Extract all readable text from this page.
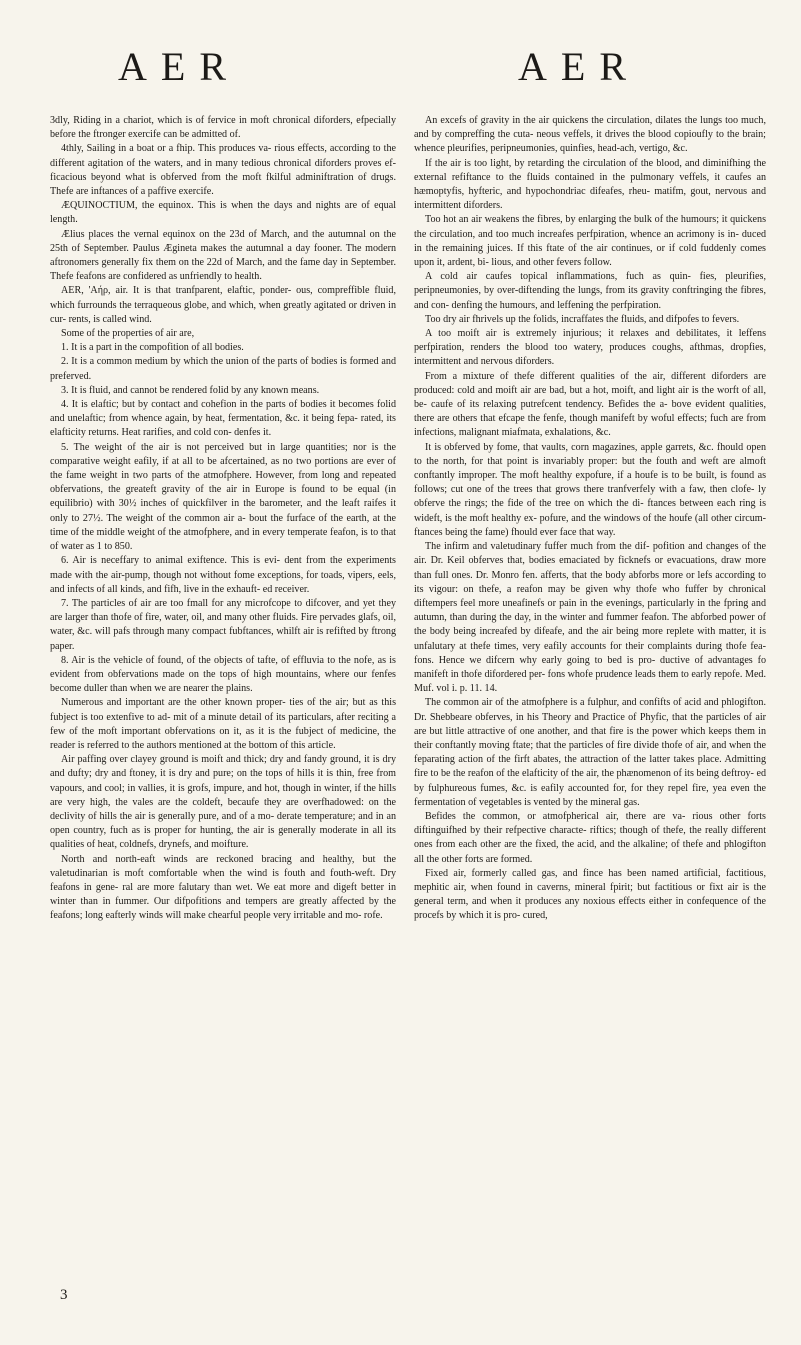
AER	AER

3dly, Riding in a chariot, which is of fervice in moft chronical diforders, efpecially before the ftronger exercife can be admitted of.

4thly, Sailing in a boat or a fhip. This produces va- rious effects, according to the different agitation of the waters, and in many tedious chronical diforders proves ef- ficacious beyond what is obferved from the moft fkilful adminiftration of drugs. Thefe are inftances of a paffive exercife.

ÆQUINOCTIUM, the equinox. This is when the days and nights are of equal length.

Ælius places the vernal equinox on the 23d of March, and the autumnal on the 25th of September. Paulus Ægineta makes the autumnal a day fooner. The modern aftronomers generally fix them on the 22d of March, and the fame day in September. Thefe feafons are confidered as unfriendly to health.

AER, 'Αήρ, air. It is that tranfparent, elaftic, ponder- ous, compreffible fluid, which furrounds the terraqueous globe, and which, when greatly agitated or driven in cur- rents, is called wind.

Some of the properties of air are,

1. It is a part in the compofition of all bodies.

2. It is a common medium by which the union of the parts of bodies is formed and preferved.

3. It is fluid, and cannot be rendered folid by any known means.

4. It is elaftic; but by contact and cohefion in the parts of bodies it becomes folid and unelaftic; from whence again, by heat, fermentation, &c. it being fepa- rated, its elafticity returns. Heat rarifies, and cold con- denfes it.

5. The weight of the air is not perceived but in large quantities; nor is the comparative weight eafily, if at all to be afcertained, as no two portions are ever of the fame weight in two parts of the atmofphere. However, from long and repeated obfervations, the greateft gravity of the air in Europe is found to be equal (in equilibrio) with 30½ inches of quickfilver in the barometer, and the leaft raifes it only to 27½. The weight of the common air a- bout the furface of the earth, at the time of the middle weight of the atmofphere, and in every temperate feafon, is to that of water as 1 to 850.

6. Air is neceffary to animal exiftence. This is evi- dent from the experiments made with the air-pump, though not without fome exceptions, for toads, vipers, eels, and infects of all kinds, and fifh, live in the exhauft- ed receiver.

7. The particles of air are too fmall for any microfcope to difcover, and yet they are larger than thofe of fire, water, oil, and many other fluids. Fire pervades glafs, oil, water, &c. will pafs through many compact fubftances, whilft air is refifted by ftrong paper.

8. Air is the vehicle of found, of the objects of tafte, of effluvia to the nofe, as is evident from obfervations made on the tops of high mountains, where our fenfes become duller than when we are nearer the plains.

Numerous and important are the other known proper- ties of the air; but as this fubject is too extenfive to ad- mit of a minute detail of its particulars, after reciting a few of the moft important obfervations on it, as it is the fubject of medicine, the reader is referred to the authors mentioned at the bottom of this article.

Air paffing over clayey ground is moift and thick; dry and fandy ground, it is dry and dufty; dry and ftoney, it is dry and pure; on the tops of hills it is thin, free from vapours, and cool; in vallies, it is grofs, impure, and hot, though in winter, if the hills are very high, the vales are the coldeft, becaufe they are overfhadowed: on the declivity of hills the air is generally pure, and of a mo- derate temperature; and in an open country, fuch as is proper for hunting, the air is generally moderate in all its qualities of heat, coldnefs, drynefs, and moifture.

North and north-eaft winds are reckoned bracing and healthy, but the valetudinarian is moft comfortable when the wind is fouth and fouth-weft. Dry feafons in gene- ral are more falutary than wet. We eat more and digeft better in winter than in fummer. Our difpofitions and tempers are greatly affected by the feafons; long eafterly winds will make chearful people very irritable and mo- rofe.

An excefs of gravity in the air quickens the circulation, dilates the lungs too much, and by compreffing the cuta- neous veffels, it drives the blood copioufly to the brain; whence pleurifies, peripneumonies, quinfies, head-ach, vertigo, &c.

If the air is too light, by retarding the circulation of the blood, and diminifhing the external refiftance to the fluids contained in the pulmonary veffels, it caufes an hæmoptyfis, hyfteric, and hypochondriac difeafes, rheu- matifm, gout, nervous and intermittent diforders.

Too hot an air weakens the fibres, by enlarging the bulk of the humours; it quickens the circulation, and too much increafes perfpiration, whence an acrimony is in- duced in the remaining juices. If this ftate of the air continues, or if cold fuddenly comes upon it, ardent, bi- lious, and other fevers follow.

A cold air caufes topical inflammations, fuch as quin- fies, pleurifies, peripneumonies, by over-diftending the lungs, from its gravity conftringing the fibres, and con- denfing the humours, and leffening the perfpiration.

Too dry air fhrivels up the folids, incraffates the fluids, and difpofes to fevers.

A too moift air is extremely injurious; it relaxes and debilitates, it leffens perfpiration, renders the blood too watery, produces coughs, afthmas, dropfies, intermittent and nervous diforders.

From a mixture of thefe different qualities of the air, different diforders are produced: cold and moift air are bad, but a hot, moift, and light air is the worft of all, be- caufe of its relaxing putrefcent tendency. Befides the a- bove evident qualities, there are others that efcape the fenfe, though manifeft by woful effects; fuch are from infections, malignant miafmata, exhalations, &c.

It is obferved by fome, that vaults, corn magazines, apple garrets, &c. fhould open to the north, for that point is invariably proper: but the fouth and weft are almoft conftantly improper. The moft healthy expofure, if a houfe is to be built, is found as follows; cut one of the trees that grows there tranfverfely with a faw, then clofe- ly obferve the rings; the fide of the tree on which the di- ftances between each ring is wideft, is the moft healthy ex- pofure, and the windows of the houfe (all other circum- ftances being the fame) fhould ever face that way.

The infirm and valetudinary fuffer much from the dif- pofition and changes of the air. Dr. Keil obferves that, bodies emaciated by ficknefs or evacuations, draw more than full ones. Dr. Monro fen. afferts, that the body abforbs more or lefs according to its vigour: on thefe, a reafon may be given why thofe who fuffer by chronical diftempers feel more uneafinefs or pain in the evenings, particularly in the fpring and autumn, than during the day, in the winter and fummer feafon. The abforbed power of the body being increafed by difeafe, and the air being more replete with matter, it is unfalutary at thefe times, very eafily accounts for their complaints during thofe fea- fons. Hence we difcern why early going to bed is pro- ductive of advantages fo manifeft in thofe difordered per- fons whofe prudence leads them to early repofe. Med. Muf. vol i. p. 11. 14.

The common air of the atmofphere is a fulphur, and confifts of acid and phlogifton. Dr. Shebbeare obferves, in his Theory and Practice of Phyfic, that the particles of air are but little attractive of one another, and that fire is the power which keeps them in their conftantly moving ftate; that the particles of fire divide thofe of air, and when the feparating action of the firft abates, the attraction of the latter takes place. Admitting fire to be the reafon of the elafticity of the air, the phænomenon of its being deftroy- ed by fulphureous fumes, &c. is eafily accounted for, for they repel fire, yea even the fermentation of vegetables is vented by the mineral gas.

Befides the common, or atmofpherical air, there are va- rious other forts diftinguifhed by their refpective characte- riftics; though of thefe, the really different ones from each other are the fixed, the acid, and the alkaline; of thefe and phlogifton all the other forts are formed.

Fixed air, formerly called gas, and fince has been named artificial, factitious, mephitic air, when found in caverns, mineral fpirit; but factitious or fixt air is the general term, and when it produces any noxious effects either in confequence of the procefs by which it is pro- cured,

3
